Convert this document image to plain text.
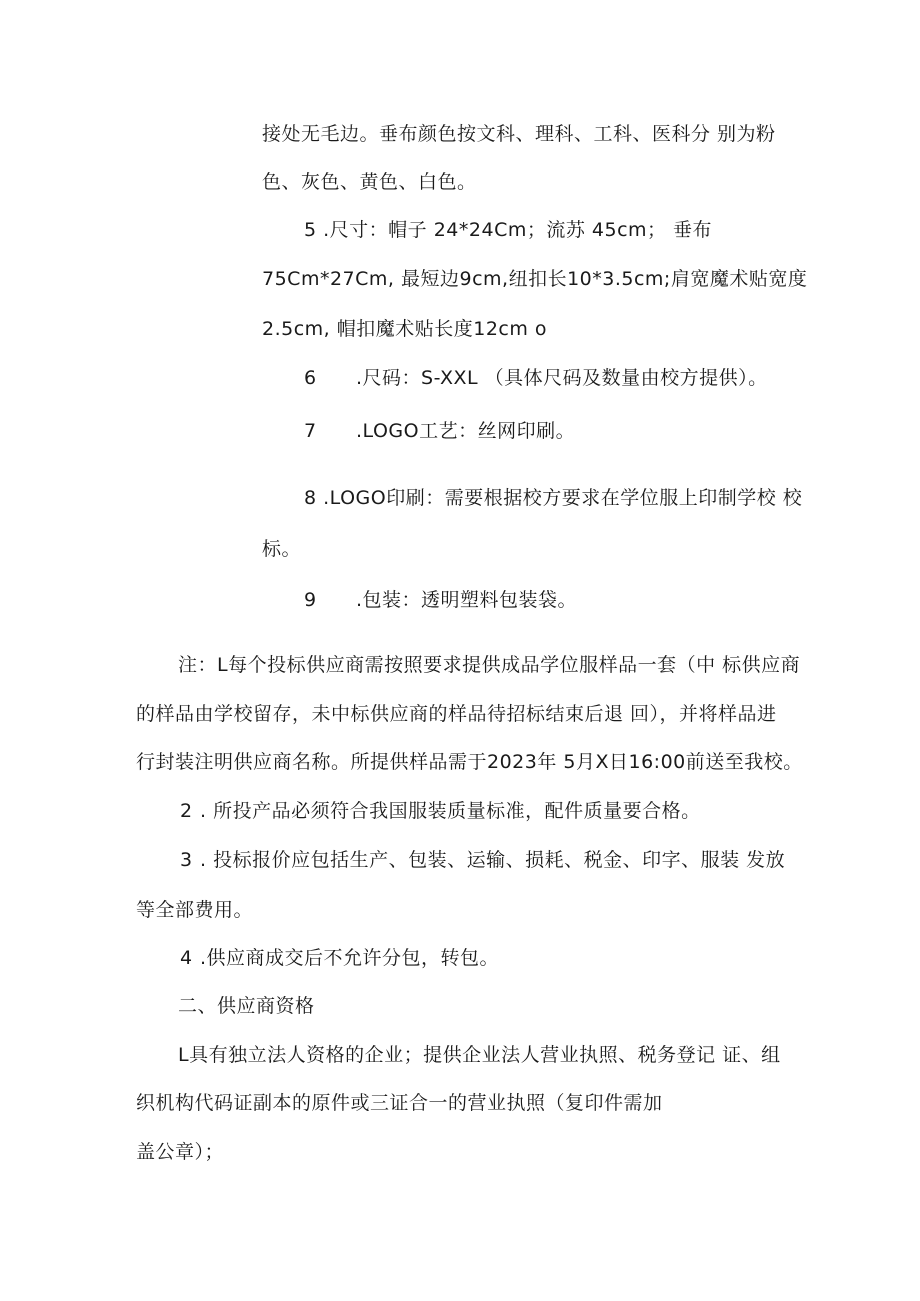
接处无毛边。垂布颜色按文科、理科、工科、医科分 别为粉
色、灰色、黄色、白色。
5 .尺寸：帽子 24*24Cm；流苏 45cm； 垂布
75Cm*27Cm, 最短边9cm,纽扣长10*3.5cm;肩宽魔术贴宽度
2.5cm, 帽扣魔术贴长度12cm o
6 .尺码：S-XXL （具体尺码及数量由校方提供）。
7 .LOGO工艺：丝网印刷。
8 .LOGO印刷：需要根据校方要求在学位服上印制学校 校
标。
9 .包装：透明塑料包装袋。
注：L每个投标供应商需按照要求提供成品学位服样品一套（中 标供应商
的样品由学校留存，未中标供应商的样品待招标结束后退 回），并将样品进
行封装注明供应商名称。所提供样品需于2023年 5月X日16:00前送至我校。
2 . 所投产品必须符合我国服装质量标准，配件质量要合格。
3 . 投标报价应包括生产、包装、运输、损耗、税金、印字、服装 发放
等全部费用。
4 .供应商成交后不允许分包，转包。
二、供应商资格
L具有独立法人资格的企业；提供企业法人营业执照、税务登记 证、组
织机构代码证副本的原件或三证合一的营业执照（复印件需加
盖公章）；
